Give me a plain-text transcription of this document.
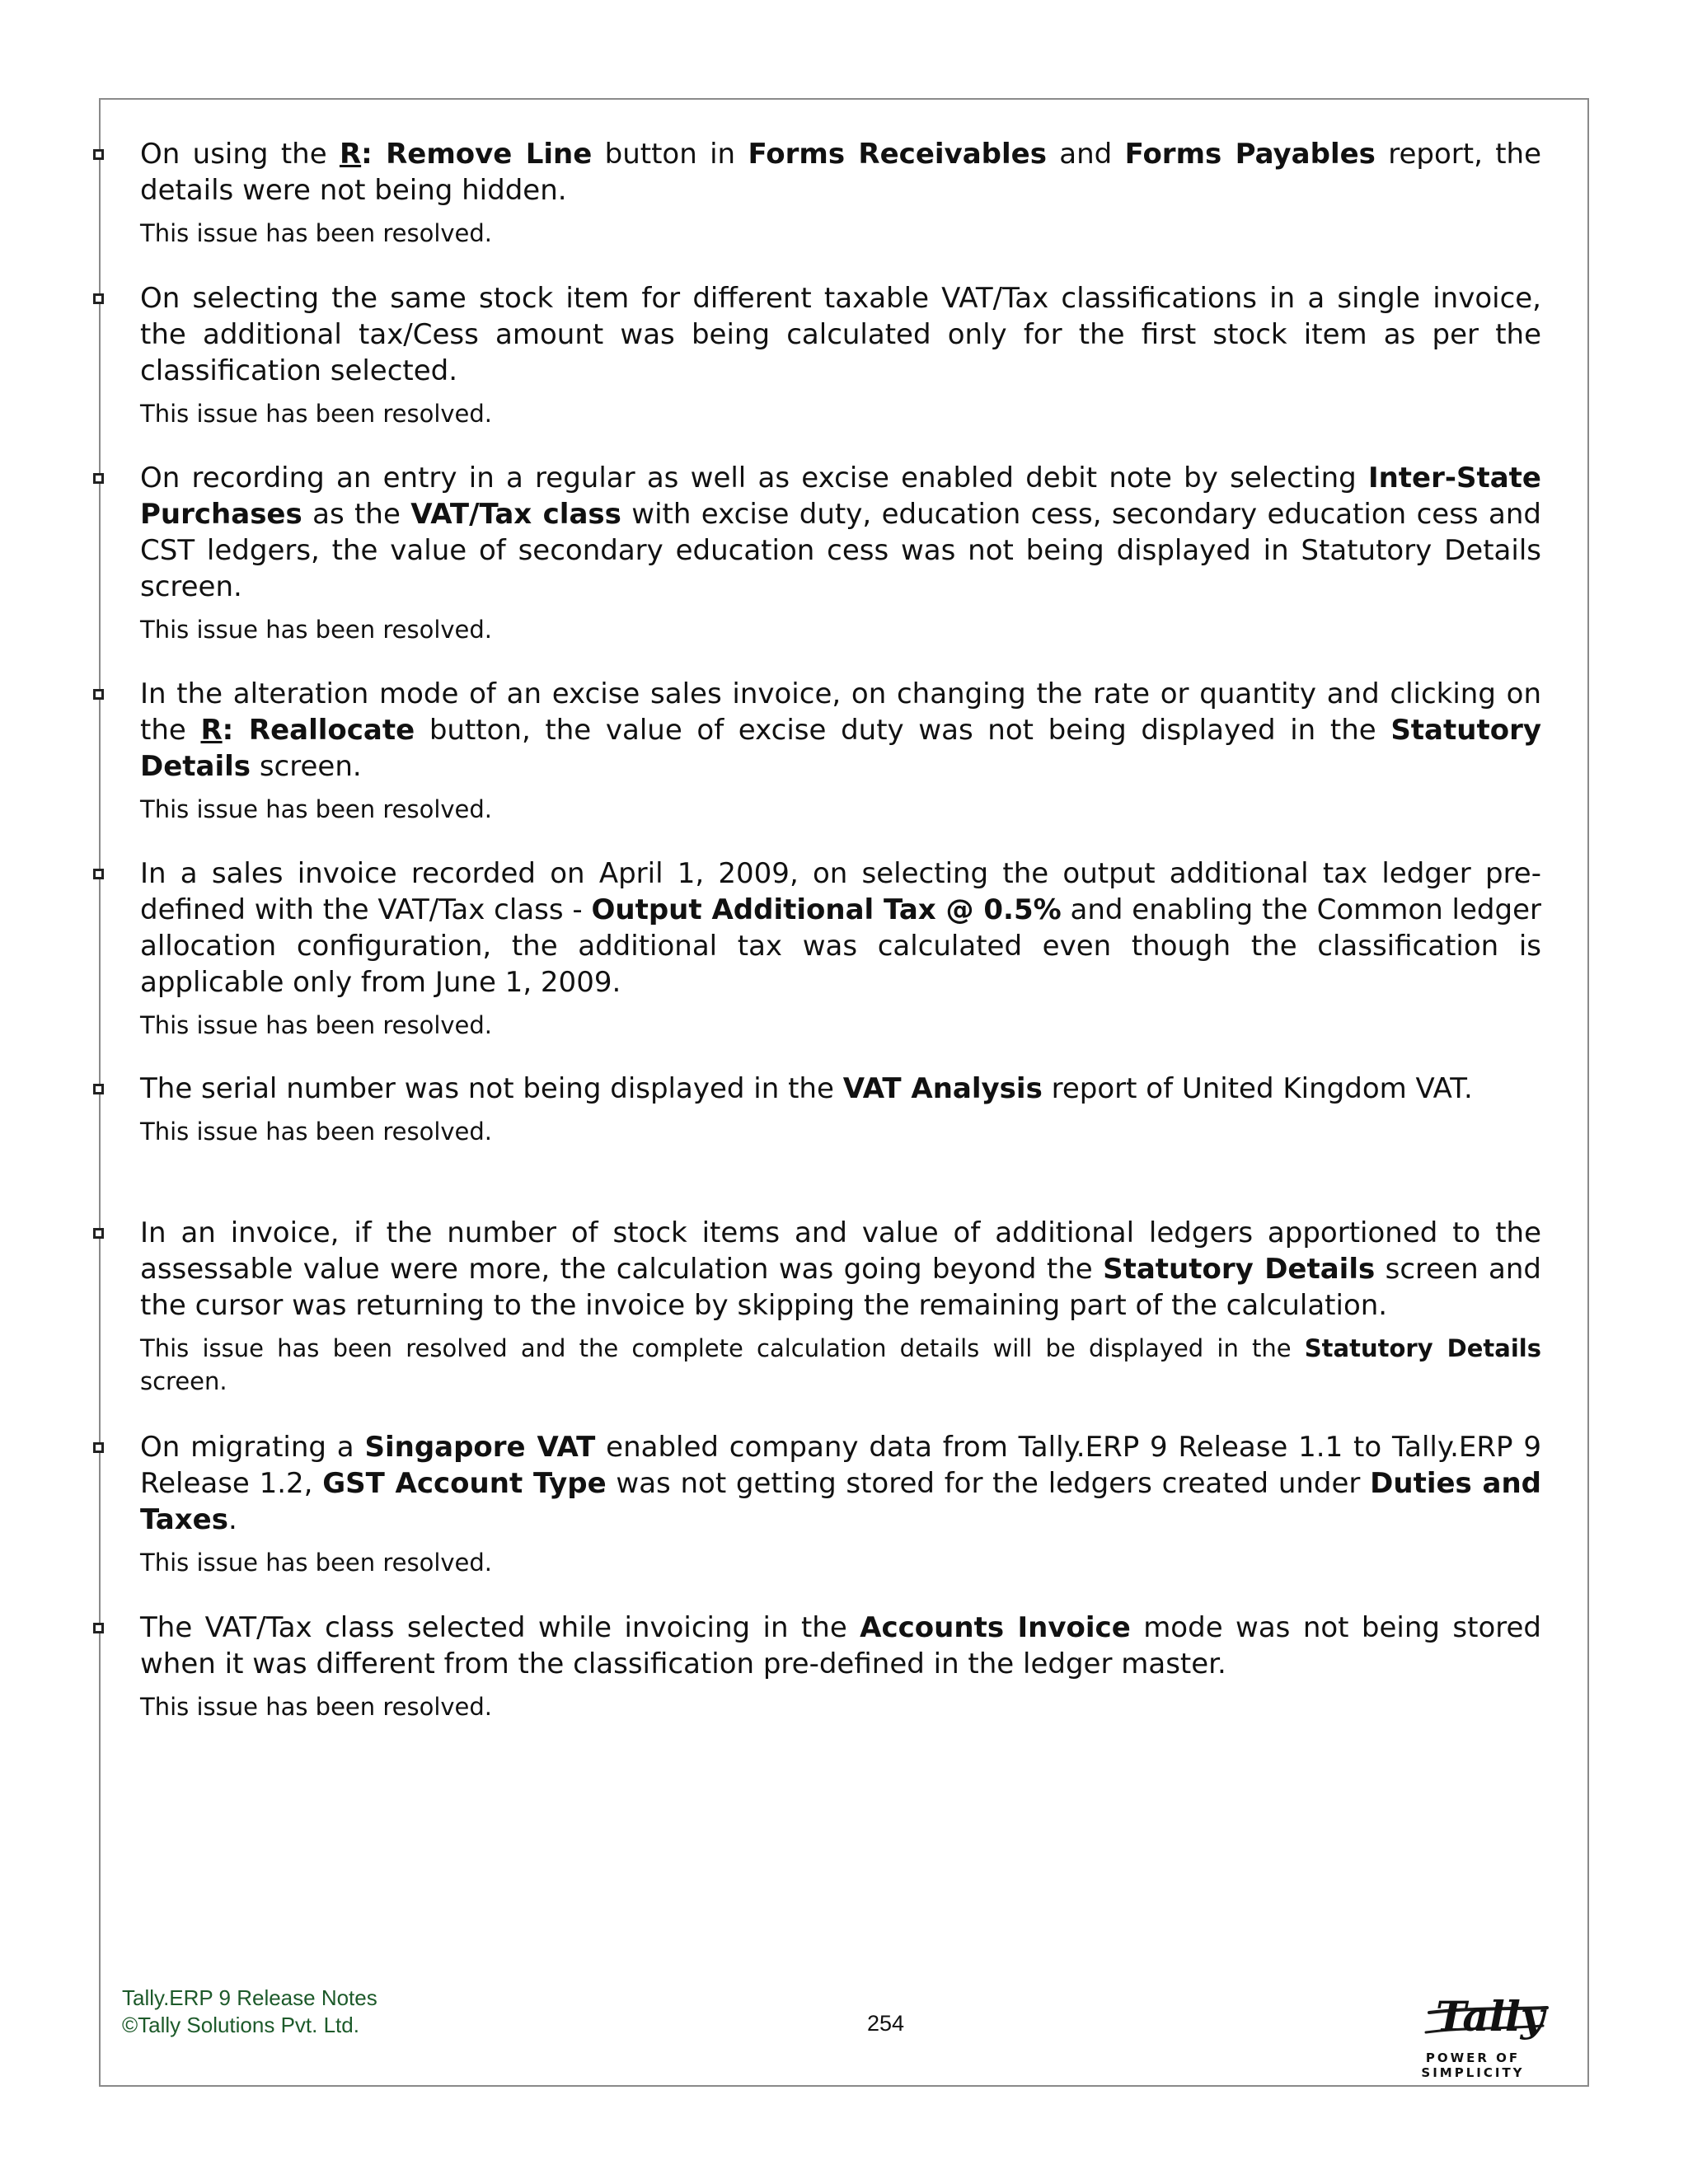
On using the R: Remove Line button in Forms Receivables and Forms Payables report, the details were not being hidden.

This issue has been resolved.

On selecting the same stock item for different taxable VAT/Tax classifications in a single invoice, the additional tax/Cess amount was being calculated only for the first stock item as per the classification selected.

This issue has been resolved.

On recording an entry in a regular as well as excise enabled debit note by selecting Inter-State Purchases as the VAT/Tax class with excise duty, education cess, secondary education cess and CST ledgers, the value of secondary education cess was not being displayed in Statutory Details screen.

This issue has been resolved.

In the alteration mode of an excise sales invoice, on changing the rate or quantity and clicking on the R: Reallocate button, the value of excise duty was not being displayed in the Statutory Details screen.

This issue has been resolved.

In a sales invoice recorded on April 1, 2009, on selecting the output additional tax ledger pre-defined with the VAT/Tax class - Output Additional Tax @ 0.5% and enabling the Common ledger allocation configuration, the additional tax was calculated even though the classification is applicable only from June 1, 2009.

This issue has been resolved.

The serial number was not being displayed in the VAT Analysis report of United Kingdom VAT.

This issue has been resolved.

In an invoice, if the number of stock items and value of additional ledgers apportioned to the assessable value were more, the calculation was going beyond the Statutory Details screen and the cursor was returning to the invoice by skipping the remaining part of the calculation.

This issue has been resolved and the complete calculation details will be displayed in the Statutory Details screen.

On migrating a Singapore VAT enabled company data from Tally.ERP 9 Release 1.1 to Tally.ERP 9 Release 1.2, GST Account Type was not getting stored for the ledgers created under Duties and Taxes.

This issue has been resolved.

The VAT/Tax class selected while invoicing in the Accounts Invoice mode was not being stored when it was different from the classification pre-defined in the ledger master.

This issue has been resolved.
Tally.ERP 9 Release Notes
©Tally Solutions Pvt. Ltd.	254	Tally
POWER OF SIMPLICITY
